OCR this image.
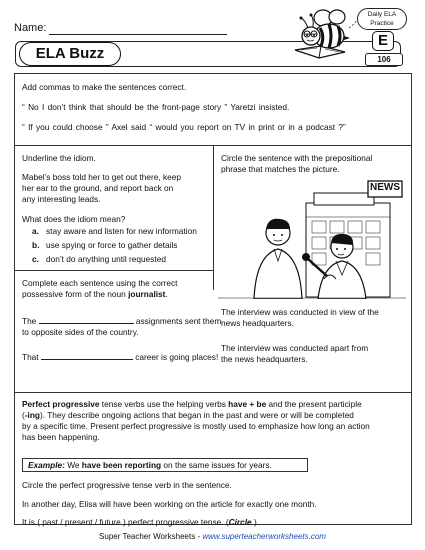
Name:
ELA Buzz
Daily ELA
Practice
E
106
Add commas to make the sentences correct.
“ No I don’t think that should be the front-page story ” Yaretzi insisted.
“ If you could choose ” Axel said “ would you report on TV in print or in a podcast ?”
Underline the idiom.
Mabel’s boss told her to get out there, keep
her ear to the ground, and report back on
any interesting leads.
What does the idiom mean?
a. stay aware and listen for new information
b. use spying or force to gather details
c. don’t do anything until requested
Circle the sentence with the prepositional
phrase that matches the picture.
NEWS
The interview was conducted in view of the
news headquarters.
The interview was conducted apart from
the news headquarters.
Complete each sentence using the correct
possessive form of the noun journalist.
The	assignments sent them
to opposite sides of the country.
That	career is going places!
Perfect progressive tense verbs use the helping verbs have + be and the present participle
(-ing). They describe ongoing actions that began in the past and were or will be completed
by a specific time. Present perfect progressive is mostly used to emphasize how long an action
has been happening.
Example: We have been reporting on the same issues for years.
Circle the perfect progressive tense verb in the sentence.
In another day, Elisa will have been working on the article for exactly one month.
It is ( past / present / future ) perfect progressive tense. (Circle.)
Super Teacher Worksheets - www.superteacherworksheets.com
